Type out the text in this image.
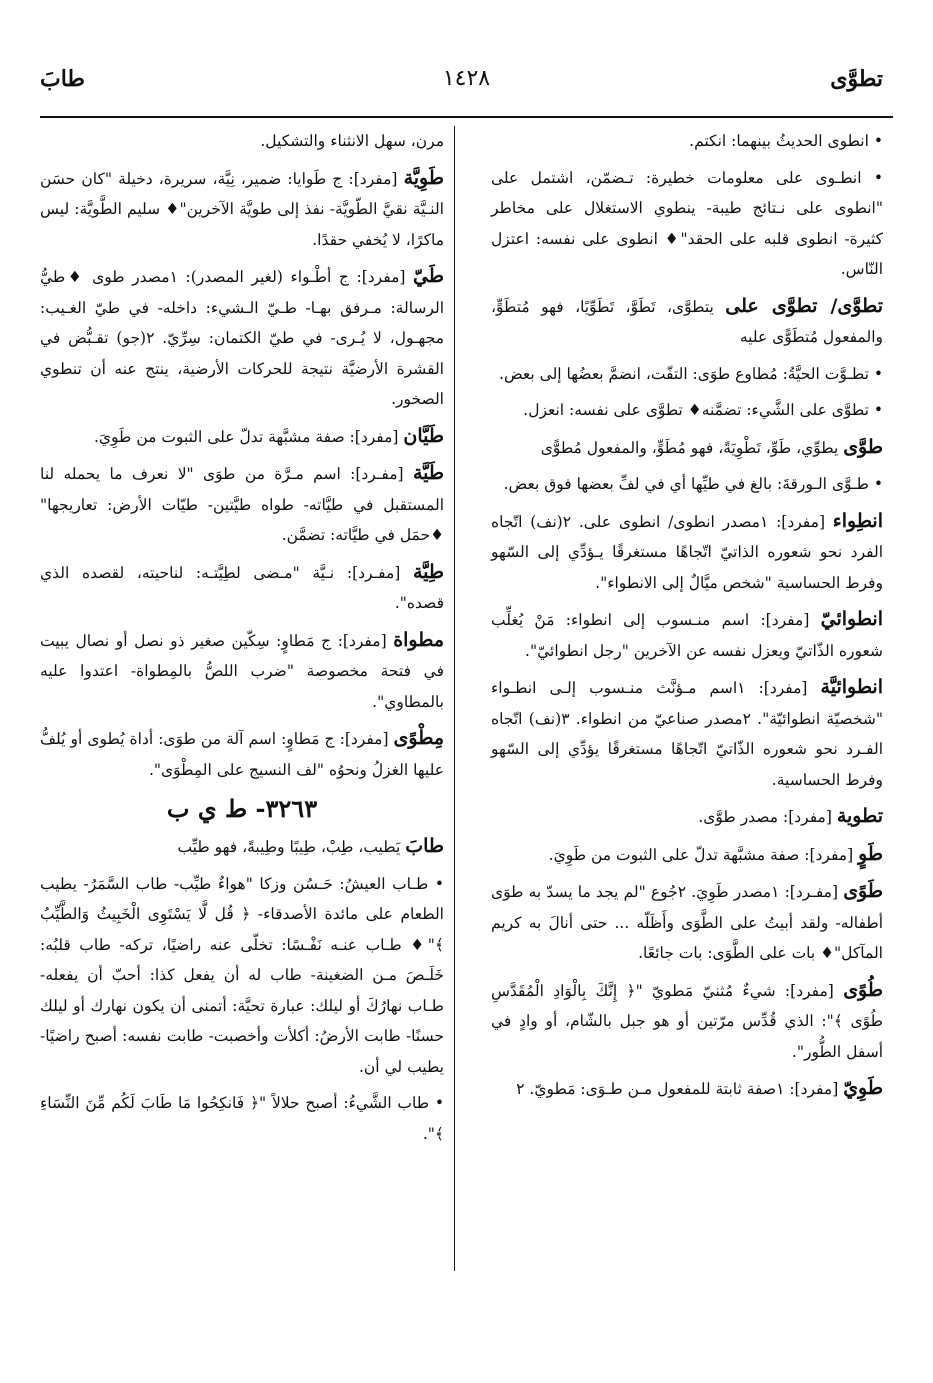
تطوَّى
١٤٢٨
طابَ

• انطوى الحديثُ بينهما: انكتم.

• انطـوى على معلومات خطيرة: تـضمّن، اشتمل على "انطوى على نـتائج طيبة- ينطوي الاستغلال على مخاطر كثيرة- انطوى قلبه على الحقد"♦ انطوى على نفسه: اعتزل النّاس.

تطوَّى/ تطوَّى على يتطوَّى، تَطَوَّ، تَطَوِّيًا، فهو مُتطَوٍّ، والمفعول مُتطَوًّى عليه

• تطـوَّت الحيَّةُ: مُطاوع طوَى: التفّت، انضمَّ بعضُها إلى بعض.

• تطوَّى على الشَّيء: تضمَّنه♦ تطوَّى على نفسه: انعزل.

طوَّى يطوِّي، طَوِّ، تَطْوِيَةً، فهو مُطَوٍّ، والمفعول مُطوًّى

• طـوَّى الـورقةَ: بالغ في طيِّها أي في لفِّ بعضها فوق بعض.

انطِواء [مفرد]: ١مصدر انطوى/ انطوى على. ٢(نف) اتّجاه الفرد نحو شعوره الذاتيّ اتّجاهًا مستغرقًا يـؤدِّي إلى السّهو وفرط الحساسية "شخص ميَّالٌ إلى الانطواء".

انطوائيّ [مفرد]: اسم منـسوب إلى انطواء: مَنْ يُغلِّب شعوره الذّاتيّ ويعزل نفسه عن الآخرين "رجل انطوائيّ".

انطوائيَّة [مفرد]: ١اسم مـؤنَّث منـسوب إلـى انطـواء "شخصيّة انطوائيّة". ٢مصدر صناعيّ من انطواء. ٣(نف) اتّجاه الفـرد نحو شعوره الذّاتيّ اتّجاهًا مستغرقًا يؤدِّي إلى السّهو وفرط الحساسية.

تطوية [مفرد]: مصدر طوَّى.

طَوٍ [مفرد]: صفة مشبَّهة تدلّ على الثبوت من طَوِيَ.

طَوًى [مفـرد]: ١مصدر طَوِيَ. ٢جُوع "لم يجد ما يسدّ به طوَى أطفاله- ولقد أبيتُ على الطَّوَى وأَظَلّه ... حتى أنالَ به كريم المآكل"♦ بات على الطَّوَى: بات جائعًا.

طُوًى [مفرد]: شيءٌ مُثنيّ مَطويّ "﴿ إِنَّكَ بِالْوَادِ الْمُقَدَّسِ طُوًى ﴾": الذي قُدِّس مرّتين أو هو جبل بالشّام، أو وادٍ في أسفل الطُّور".

طَوِيّ [مفرد]: ١صفة ثابتة للمفعول مـن طـوَى: مَطويّ. ٢

مرن، سهل الانثناء والتشكيل.

طَوِيَّة [مفرد]: ج طَوايا: ضمير، نِيَّة، سريرة، دخيلة "كان حسَن النـيَّة نقيَّ الطّويَّة- نفذ إلى طويَّة الآخرين"♦ سليم الطَّويَّة: ليس ماكرًا، لا يُخفي حقدًا.

طَيّ [مفرد]: ج أطْـواء (لغير المصدر): ١مصدر طوى ♦طيُّ الرسالة: مـرفق بهـا- طـيّ الـشيء: داخله- في طيّ الغـيب: مجهـول، لا يُـرى- في طيّ الكتمان: سِرِّيّ. ٢(جو) تقـبُّض في القشرة الأرضيَّة نتيجة للحركات الأرضية، ينتج عنه أن تنطوي الصخور.

طَيَّان [مفرد]: صفة مشبَّهة تدلّ على الثبوت من طَوِيَ.

طَيَّة [مفـرد]: اسم مـرَّة من طوَى "لا نعرف ما يحمله لنا المستقبل في طيَّاته- طواه طيَّتين- طيّات الأرض: تعاريجها" ♦حمَل في طيَّاته: تضمَّن.

طِيَّة [مفـرد]: نـيَّة "مـضى لطِيَّتـه: لناحيته، لقصده الذي قصده".

مطواة [مفرد]: ج مَطاوٍ: سِكّين صغير ذو نصل أو نصال يبيت في فتحة مخصوصة "ضرب اللصُّ بالمِطواة- اعتدوا عليه بالمطاوي".

مِطْوًى [مفرد]: ج مَطاوٍ: اسم آلة من طوَى: أداة يُطوى أو يُلفُّ عليها الغزلُ ونحوُه "لف النسيج على المِطْوَى".

٣٢٦٣- ط ي ب

طابَ يَطيب، طِبْ، طِيبًا وطِيبةً، فهو طيِّب

• طـاب العيشُ: حَـسُن وزكا "هواءٌ طيِّب- طاب السَّمَرُ- يطيب الطعام على مائدة الأصدقاء- ﴿ قُل لَّا يَسْتَوِى الْخَبِيثُ وَالطَّيِّبُ ﴾"♦ طـاب عنـه نَفْـسًا: تخلّى عنه راضيًا، تركه- طاب قلبُه: خَلَـصَ مـن الضغينة- طاب له أن يفعل كذا: أحبّ أن يفعله- طـاب نهارُكَ أو ليلك: عبارة تحيَّة: أتمنى أن يكون نهارك أو ليلك حسنًا- طابت الأرضُ: أكلأت وأخصبت- طابت نفسه: أصبح راضيًا- يطيب لي أن.

• طاب الشَّيءُ: أصبح حلالاً "﴿ فَانكِحُوا مَا طَابَ لَكُم مِّنَ النِّسَاءِ ﴾".
